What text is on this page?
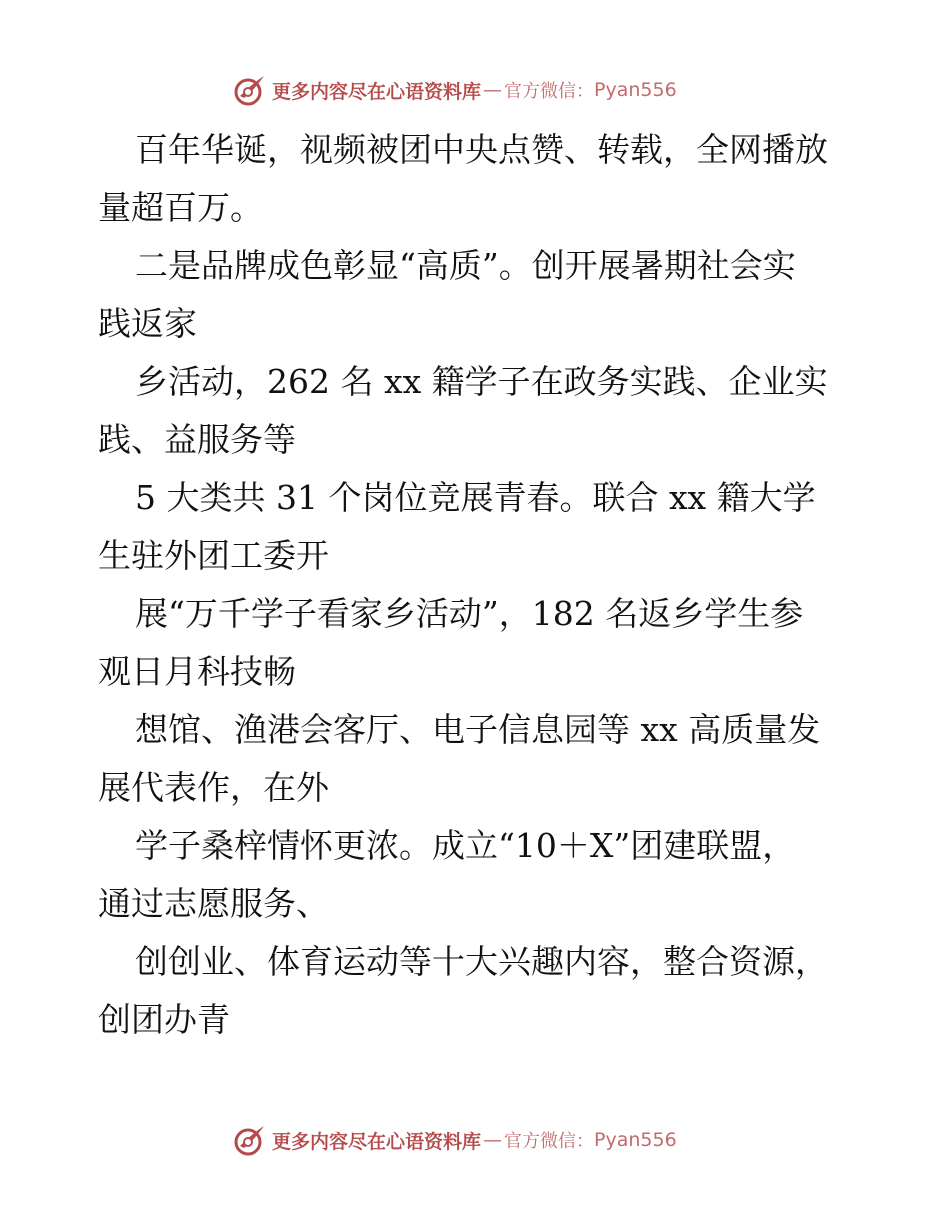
更多内容尽在心语资料库 — 官方微信： Pyan556

百年华诞，视频被团中央点赞、转载，全网播放

量超百万。

二是品牌成色彰显“高质”。创开展暑期社会实

践返家

乡活动，262 名 xx 籍学子在政务实践、企业实

践、益服务等

5 大类共 31 个岗位竞展青春。联合 xx 籍大学

生驻外团工委开

展“万千学子看家乡活动”，182 名返乡学生参

观日月科技畅

想馆、渔港会客厅、电子信息园等 xx 高质量发

展代表作，在外

学子桑梓情怀更浓。成立“10＋X”团建联盟，

通过志愿服务、

创创业、体育运动等十大兴趣内容，整合资源，

创团办青

更多内容尽在心语资料库 — 官方微信： Pyan556
